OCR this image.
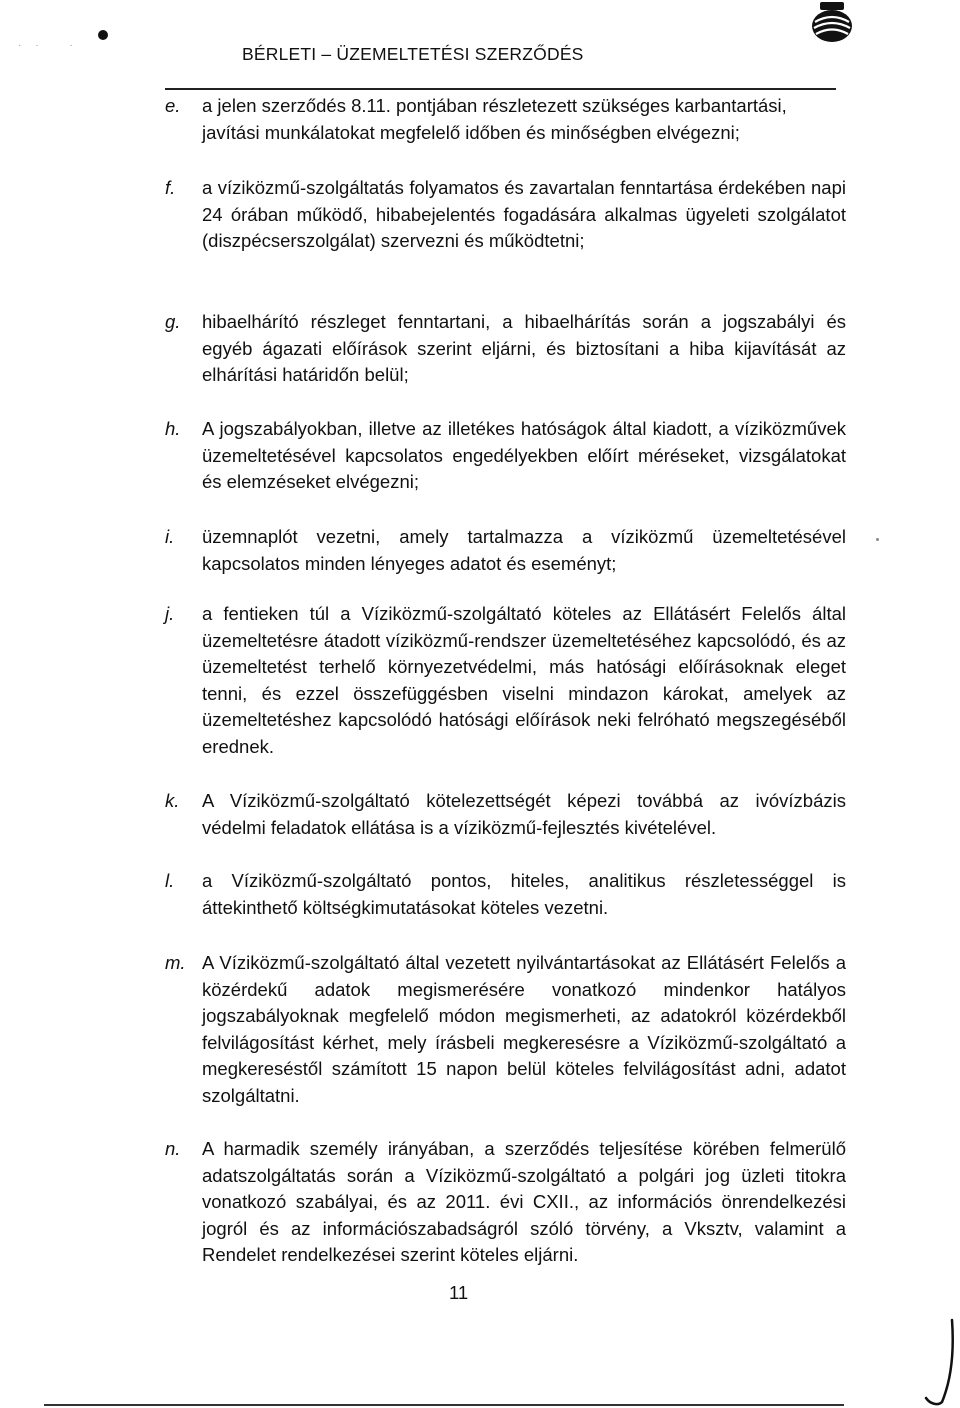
·· ·	BÉRLETI – ÜZEMELTETÉSI SZERZŐDÉS
e.	a jelen szerződés 8.11. pontjában részletezett szükséges karbantartási, javítási munkálatokat megfelelő időben és minőségben elvégezni;
f.	a víziközmű-szolgáltatás folyamatos és zavartalan fenntartása érdekében napi 24 órában működő, hibabejelentés fogadására alkalmas ügyeleti szolgálatot (diszpécserszolgálat) szervezni és működtetni;
g.	hibaelhárító részleget fenntartani, a hibaelhárítás során a jogszabályi és egyéb ágazati előírások szerint eljárni, és biztosítani a hiba kijavítását az elhárítási határidőn belül;
h.	A jogszabályokban, illetve az illetékes hatóságok által kiadott, a víziközművek üzemeltetésével kapcsolatos engedélyekben előírt méréseket, vizsgálatokat és elemzéseket elvégezni;
i.	üzemnaplót vezetni, amely tartalmazza a víziközmű üzemeltetésével kapcsolatos minden lényeges adatot és eseményt;
j.	a fentieken túl a Víziközmű-szolgáltató köteles az Ellátásért Felelős által üzemeltetésre átadott víziközmű-rendszer üzemeltetéséhez kapcsolódó, és az üzemeltetést terhelő környezetvédelmi, más hatósági előírásoknak eleget tenni, és ezzel összefüggésben viselni mindazon károkat, amelyek az üzemeltetéshez kapcsolódó hatósági előírások neki felróható megszegéséből erednek.
k.	A Víziközmű-szolgáltató kötelezettségét képezi továbbá az ivóvízbázis védelmi feladatok ellátása is a víziközmű-fejlesztés kivételével.
l.	a Víziközmű-szolgáltató pontos, hiteles, analitikus részletességgel is áttekinthető költségkimutatásokat köteles vezetni.
m. A Víziközmű-szolgáltató által vezetett nyilvántartásokat az Ellátásért Felelős a közérdekű adatok megismerésére vonatkozó mindenkor hatályos jogszabályoknak megfelelő módon megismerheti, az adatokról közérdekből felvilágosítást kérhet, mely írásbeli megkeresésre a Víziközmű-szolgáltató a megkereséstől számított 15 napon belül köteles felvilágosítást adni, adatot szolgáltatni.
n.	A harmadik személy irányában, a szerződés teljesítése körében felmerülő adatszolgáltatás során a Víziközmű-szolgáltató a polgári jog üzleti titokra vonatkozó szabályai, és az 2011. évi CXII., az információs önrendelkezési jogról és az információszabadságról szóló törvény, a Vksztv, valamint a Rendelet rendelkezései szerint köteles eljárni.
11
